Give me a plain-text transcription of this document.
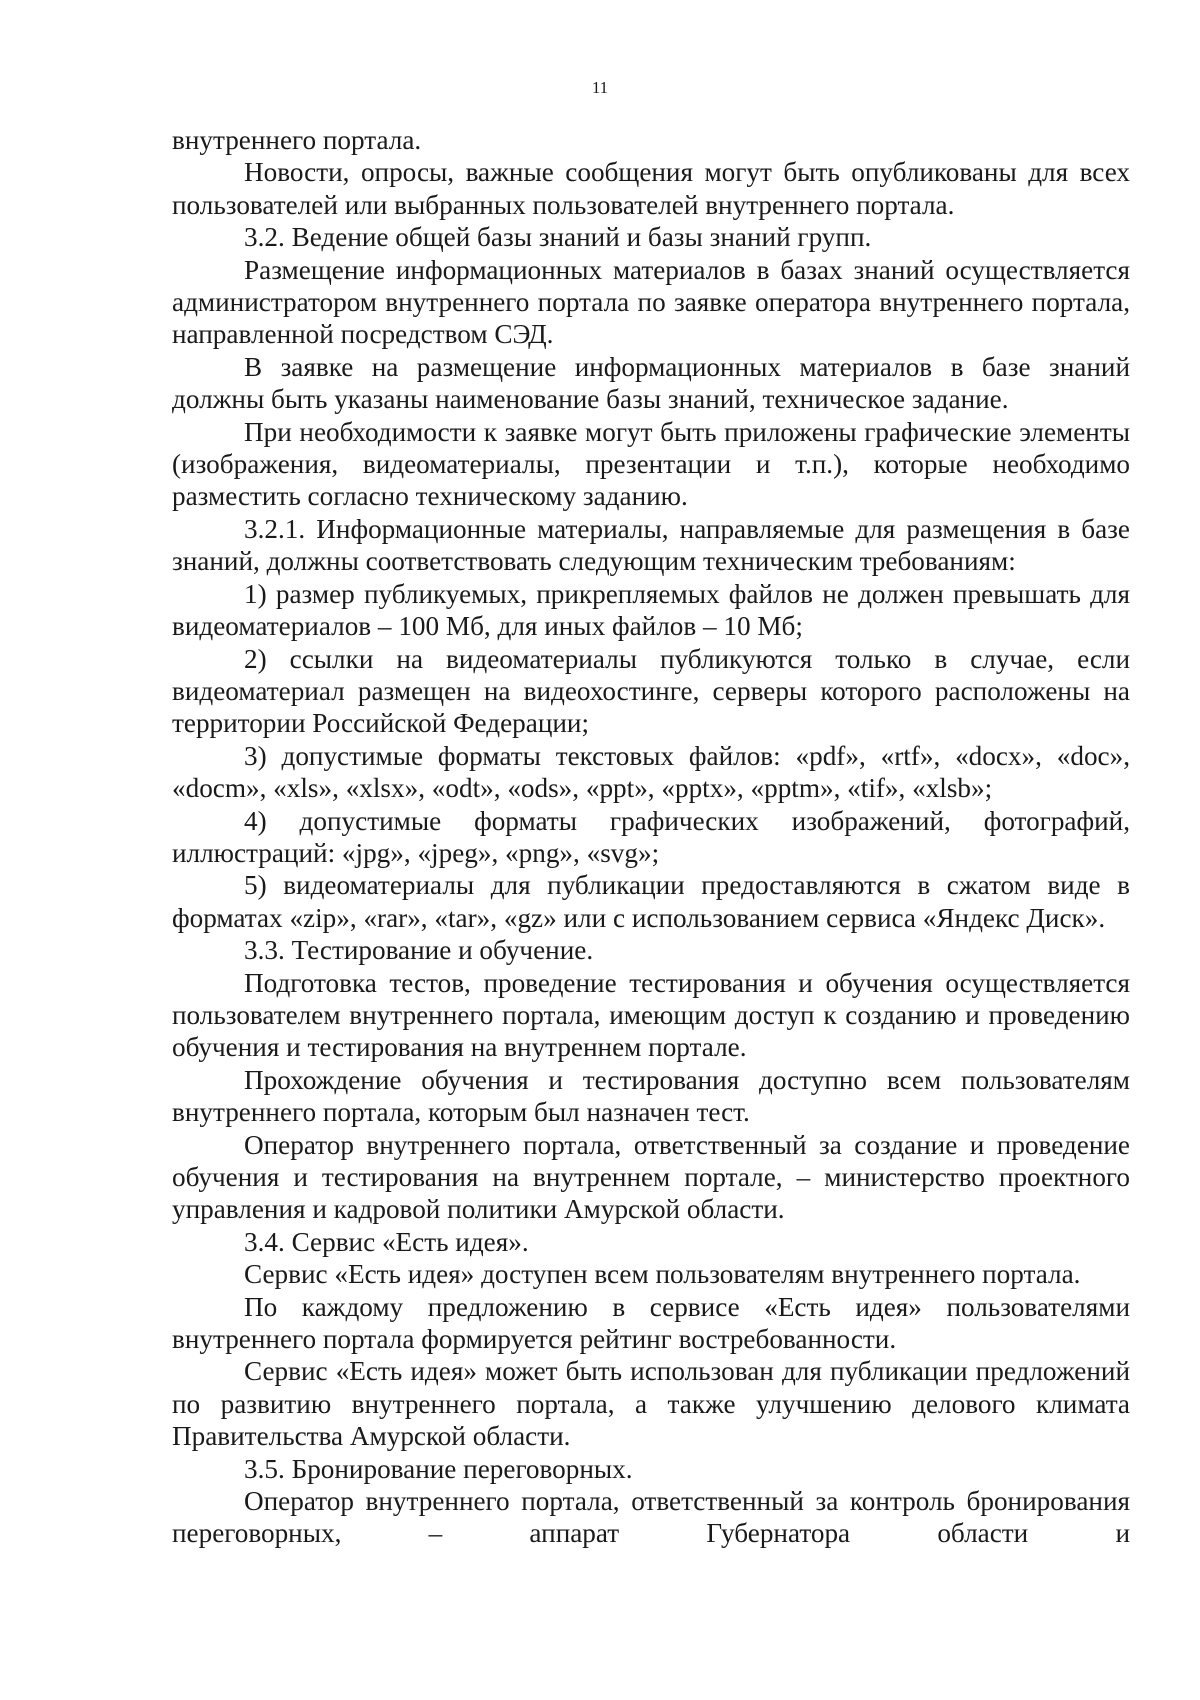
11

внутреннего портала.

Новости, опросы, важные сообщения могут быть опубликованы для всех пользователей или выбранных пользователей внутреннего портала.

3.2. Ведение общей базы знаний и базы знаний групп.

Размещение информационных материалов в базах знаний осуществляется администратором внутреннего портала по заявке оператора внутреннего портала, направленной посредством СЭД.

В заявке на размещение информационных материалов в базе знаний должны быть указаны наименование базы знаний, техническое задание.

При необходимости к заявке могут быть приложены графические элементы (изображения, видеоматериалы, презентации и т.п.), которые необходимо разместить согласно техническому заданию.

3.2.1. Информационные материалы, направляемые для размещения в базе знаний, должны соответствовать следующим техническим требованиям:

1) размер публикуемых, прикрепляемых файлов не должен превышать для видеоматериалов – 100 Мб, для иных файлов – 10 Мб;

2) ссылки на видеоматериалы публикуются только в случае, если видеоматериал размещен на видеохостинге, серверы которого расположены на территории Российской Федерации;

3) допустимые форматы текстовых файлов: «pdf», «rtf», «docx», «doc», «docm», «xls», «xlsx», «odt», «ods», «ppt», «pptx», «pptm», «tif», «xlsb»;

4) допустимые форматы графических изображений, фотографий, иллюстраций: «jpg», «jpeg», «png», «svg»;

5) видеоматериалы для публикации предоставляются в сжатом виде в форматах «zip», «rar», «tar», «gz» или с использованием сервиса «Яндекс Диск».

3.3. Тестирование и обучение.

Подготовка тестов, проведение тестирования и обучения осуществляется пользователем внутреннего портала, имеющим доступ к созданию и проведению обучения и тестирования на внутреннем портале.

Прохождение обучения и тестирования доступно всем пользователям внутреннего портала, которым был назначен тест.

Оператор внутреннего портала, ответственный за создание и проведение обучения и тестирования на внутреннем портале, – министерство проектного управления и кадровой политики Амурской области.

3.4. Сервис «Есть идея».

Сервис «Есть идея» доступен всем пользователям внутреннего портала.

По каждому предложению в сервисе «Есть идея» пользователями внутреннего портала формируется рейтинг востребованности.

Сервис «Есть идея» может быть использован для публикации предложений по развитию внутреннего портала, а также улучшению делового климата Правительства Амурской области.

3.5. Бронирование переговорных.

Оператор внутреннего портала, ответственный за контроль бронирования переговорных, – аппарат Губернатора области и
